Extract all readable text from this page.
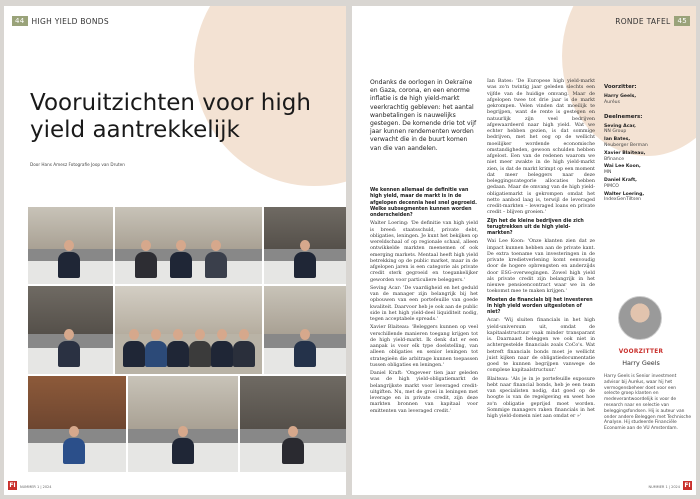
44 HIGH YIELD BONDS
Vooruitzichten voor high yield aantrekkelijk
Door Hans Amesz Fotografie Joop van Druten
FI	NUMMER 1 | 2024
RONDE TAFEL	45
FI
NUMMER 1 | 2024
Ondanks de oorlogen in Oekraïne en Gaza, corona, en een enorme inflatie is de high yield-markt veerkrachtig gebleven: het aantal wanbetalingen is nauwelijks gestegen. De komende drie tot vijf jaar kunnen rendementen worden verwacht die in de buurt komen van die van aandelen.

We kennen allemaal de definitie van high yield, maar de markt is in de afgelopen decennia heel snel gegroeid. Welke subsegmenten kunnen worden onderscheiden?

Walter Loering: 'De definitie van high yield is breed: staatsschuld, private debt, obligaties, leningen. Je kunt het bekijken op wereldschaal of op regionale schaal, alleen ontwikkelde markten meenemen of ook emerging markets. Mentaal heeft high yield betrekking op de public market, maar in de afgelopen jaren is een categorie als private credit sterk gegroeid en toegankelijker geworden voor particuliere beleggers.'

Seving Acar: 'De vaardigheid en het geduld van de manager zijn belangrijk bij het opbouwen van een portefeuille van goede kwaliteit. Daarvoor heb je ook aan de public side in het high yield-deel liquiditeit nodig, tegen acceptabele spreads.'

Xavier Blaiteau: 'Beleggers kunnen op veel verschillende manieren toegang krijgen tot de high yield-markt. Ik denk dat er een aanpak is voor elk type doelstelling, van alleen obligaties en senior leningen tot strategieën die arbitrage kunnen toepassen tussen obligaties en leningen.'

Daniel Kraft: 'Ongeveer tien jaar geleden was de high yield-obligatiemarkt de belangrijkste markt voor leveraged credit-uitgiften. Nu, met de groei in leningen met leverage en in private credit, zijn deze markten bronnen van kapitaal voor emittenten van leveraged credit.'

Ian Bates: 'De Europese high yield-markt was zo'n twintig jaar geleden slechts een vijfde van de huidige omvang. Maar de afgelopen twee tot drie jaar is de markt gekrompen. Velen vinden dat moeilijk te begrijpen, want de rente is gestegen en natuurlijk zijn veel bedrijven afgewaardeerd naar high yield. Wat we echter hebben gezien, is dat sommige bedrijven, met het oog op de wellicht moeilijker wordende economische omstandigheden, gewoon schulden hebben afgelost. Een van de redenen waarom we niet meer zwakte in de high yield-markt zien, is dat de markt krimpt op een moment dat meer beleggers naar deze beleggingscategorie allocaties hebben gedaan. Maar de omvang van de high yield-obligatiemarkt is gekrompen omdat het netto aanbod laag is, terwijl de leveraged credit-markten – leveraged loans en private credit – blijven groeien.'

Zijn het de kleine bedrijven die zich terugtrekken uit de high yield-markten?

Wai Lee Koon: 'Onze klanten zien dat ze impact kunnen hebben aan de private kant. De extra toename van investeringen in de private kredietverlening komt eenvoudig door de hogere opbrengsten en anderzijds door ESG-overwegingen. Zowel high yield als private credit zijn belangrijk in het nieuwe pensioencontract waar we in de toekomst mee te maken krijgen.'

Moeten de financials bij het investeren in high yield worden uitgesloten of niet?

Acar: 'Wij sluiten financials in het high yield-universum uit, omdat de kapitaalstructuur vaak minder transparant is. Daarnaast beleggen we ook niet in achtergestelde financials zoals CoCo's. Wat betreft financials bonds moet je wellicht juist kijken naar de obligatiedocumentatie goed te kunnen begrijpen vanwege de complexe kapitaalstructuur.'

Blaiteau: 'Als je in je portefeuille exposure hebt naar financial bonds, heb je een team van specialisten nodig, dat goed op de hoogte is van de regelgeving en weet hoe zo'n obligatie geprijsd moet worden. Sommige managers raken financials in het high yield-domein niet aan omdat er »'

Voorzitter:
Harry Geels,
Auréus
Deelnemers:
Seving Acar,
NN Group
Ian Bates,
Neuberger Berman
Xavier Blaiteau,
Bfinance
Wai Lee Koon,
MN
Daniel Kraft,
PIMCO
Walter Loering,
IndexGenTiltsen
VOORZITTER
Harry Geels
Harry Geels is Senior investment advisor bij Auréus, waar hij het vermogensbeheer doet voor een selecte groep klanten en medeverantwoordelijk is voor de research naar en selectie van beleggingsfondsen. Hij is auteur van onder andere Beleggen met Technische Analyse. Hij studeerde Financiële Economie aan de VU Amsterdam.
